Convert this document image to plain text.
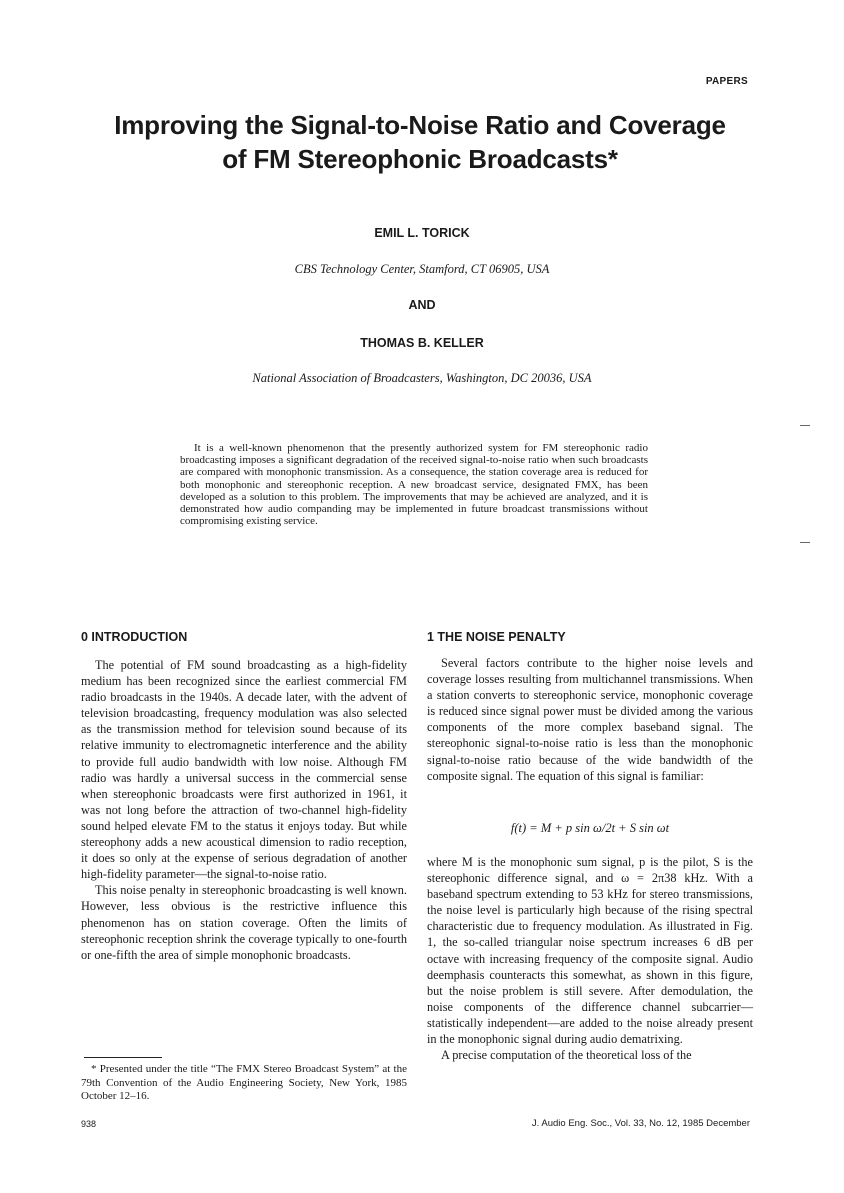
PAPERS
Improving the Signal-to-Noise Ratio and Coverage
of FM Stereophonic Broadcasts*
EMIL L. TORICK
CBS Technology Center, Stamford, CT 06905, USA
AND
THOMAS B. KELLER
National Association of Broadcasters, Washington, DC 20036, USA

It is a well-known phenomenon that the presently authorized system for FM stereophonic radio broadcasting imposes a significant degradation of the received signal-to-noise ratio when such broadcasts are compared with monophonic transmission. As a consequence, the station coverage area is reduced for both monophonic and stereophonic reception. A new broadcast service, designated FMX, has been developed as a solution to this problem. The improvements that may be achieved are analyzed, and it is demonstrated how audio companding may be implemented in future broadcast transmissions without compromising existing service.

0 INTRODUCTION

The potential of FM sound broadcasting as a high-fidelity medium has been recognized since the earliest commercial FM radio broadcasts in the 1940s. A decade later, with the advent of television broadcasting, frequency modulation was also selected as the transmission method for television sound because of its relative immunity to electromagnetic interference and the ability to provide full audio bandwidth with low noise. Although FM radio was hardly a universal success in the commercial sense when stereophonic broadcasts were first authorized in 1961, it was not long before the attraction of two-channel high-fidelity sound helped elevate FM to the status it enjoys today. But while stereophony adds a new acoustical dimension to radio reception, it does so only at the expense of serious degradation of another high-fidelity parameter—the signal-to-noise ratio.

This noise penalty in stereophonic broadcasting is well known. However, less obvious is the restrictive influence this phenomenon has on station coverage. Often the limits of stereophonic reception shrink the coverage typically to one-fourth or one-fifth the area of simple monophonic broadcasts.

* Presented under the title “The FMX Stereo Broadcast System” at the 79th Convention of the Audio Engineering Society, New York, 1985 October 12–16.

1 THE NOISE PENALTY

Several factors contribute to the higher noise levels and coverage losses resulting from multichannel transmissions. When a station converts to stereophonic service, monophonic coverage is reduced since signal power must be divided among the various components of the more complex baseband signal. The stereophonic signal-to-noise ratio is less than the monophonic signal-to-noise ratio because of the wide bandwidth of the composite signal. The equation of this signal is familiar:

f(t) = M + p sin ω/2t + S sin ωt

where M is the monophonic sum signal, p is the pilot, S is the stereophonic difference signal, and ω = 2π38 kHz. With a baseband spectrum extending to 53 kHz for stereo transmissions, the noise level is particularly high because of the rising spectral characteristic due to frequency modulation. As illustrated in Fig. 1, the so-called triangular noise spectrum increases 6 dB per octave with increasing frequency of the composite signal. Audio deemphasis counteracts this somewhat, as shown in this figure, but the noise problem is still severe. After demodulation, the noise components of the difference channel subcarrier—statistically independent—are added to the noise already present in the monophonic signal during audio dematrixing.

A precise computation of the theoretical loss of the

938	J. Audio Eng. Soc., Vol. 33, No. 12, 1985 December
